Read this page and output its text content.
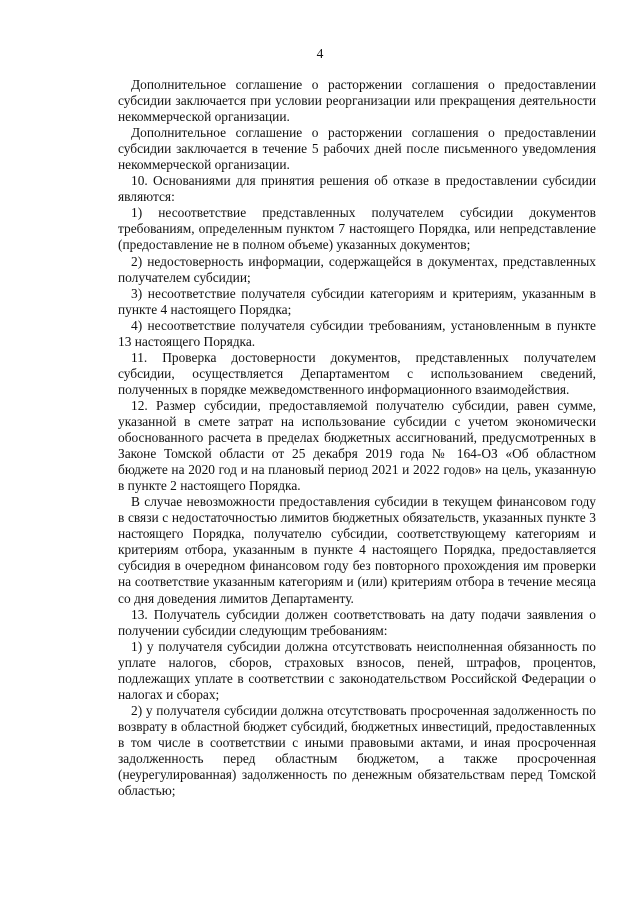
4

Дополнительное соглашение о расторжении соглашения о предоставлении субсидии заключается при условии реорганизации или прекращения деятельности некоммерческой организации.

Дополнительное соглашение о расторжении соглашения о предоставлении субсидии заключается в течение 5 рабочих дней после письменного уведомления некоммерческой организации.

10. Основаниями для принятия решения об отказе в предоставлении субсидии являются:

1) несоответствие представленных получателем субсидии документов требованиям, определенным пунктом 7 настоящего Порядка, или непредставление (предоставление не в полном объеме) указанных документов;

2) недостоверность информации, содержащейся в документах, представленных получателем субсидии;

3) несоответствие получателя субсидии категориям и критериям, указанным в пункте 4 настоящего Порядка;

4) несоответствие получателя субсидии требованиям, установленным в пункте 13 настоящего Порядка.

11. Проверка достоверности документов, представленных получателем субсидии, осуществляется Департаментом с использованием сведений, полученных в порядке межведомственного информационного взаимодействия.

12. Размер субсидии, предоставляемой получателю субсидии, равен сумме, указанной в смете затрат на использование субсидии с учетом экономически обоснованного расчета в пределах бюджетных ассигнований, предусмотренных в Законе Томской области от 25 декабря 2019 года № 164-ОЗ «Об областном бюджете на 2020 год и на плановый период 2021 и 2022 годов» на цель, указанную в пункте 2 настоящего Порядка.

В случае невозможности предоставления субсидии в текущем финансовом году в связи с недостаточностью лимитов бюджетных обязательств, указанных пункте 3 настоящего Порядка, получателю субсидии, соответствующему категориям и критериям отбора, указанным в пункте 4 настоящего Порядка, предоставляется субсидия в очередном финансовом году без повторного прохождения им проверки на соответствие указанным категориям и (или) критериям отбора в течение месяца со дня доведения лимитов Департаменту.

13. Получатель субсидии должен соответствовать на дату подачи заявления о получении субсидии следующим требованиям:

1) у получателя субсидии должна отсутствовать неисполненная обязанность по уплате налогов, сборов, страховых взносов, пеней, штрафов, процентов, подлежащих уплате в соответствии с законодательством Российской Федерации о налогах и сборах;

2) у получателя субсидии должна отсутствовать просроченная задолженность по возврату в областной бюджет субсидий, бюджетных инвестиций, предоставленных в том числе в соответствии с иными правовыми актами, и иная просроченная задолженность перед областным бюджетом, а также просроченная (неурегулированная) задолженность по денежным обязательствам перед Томской областью;
